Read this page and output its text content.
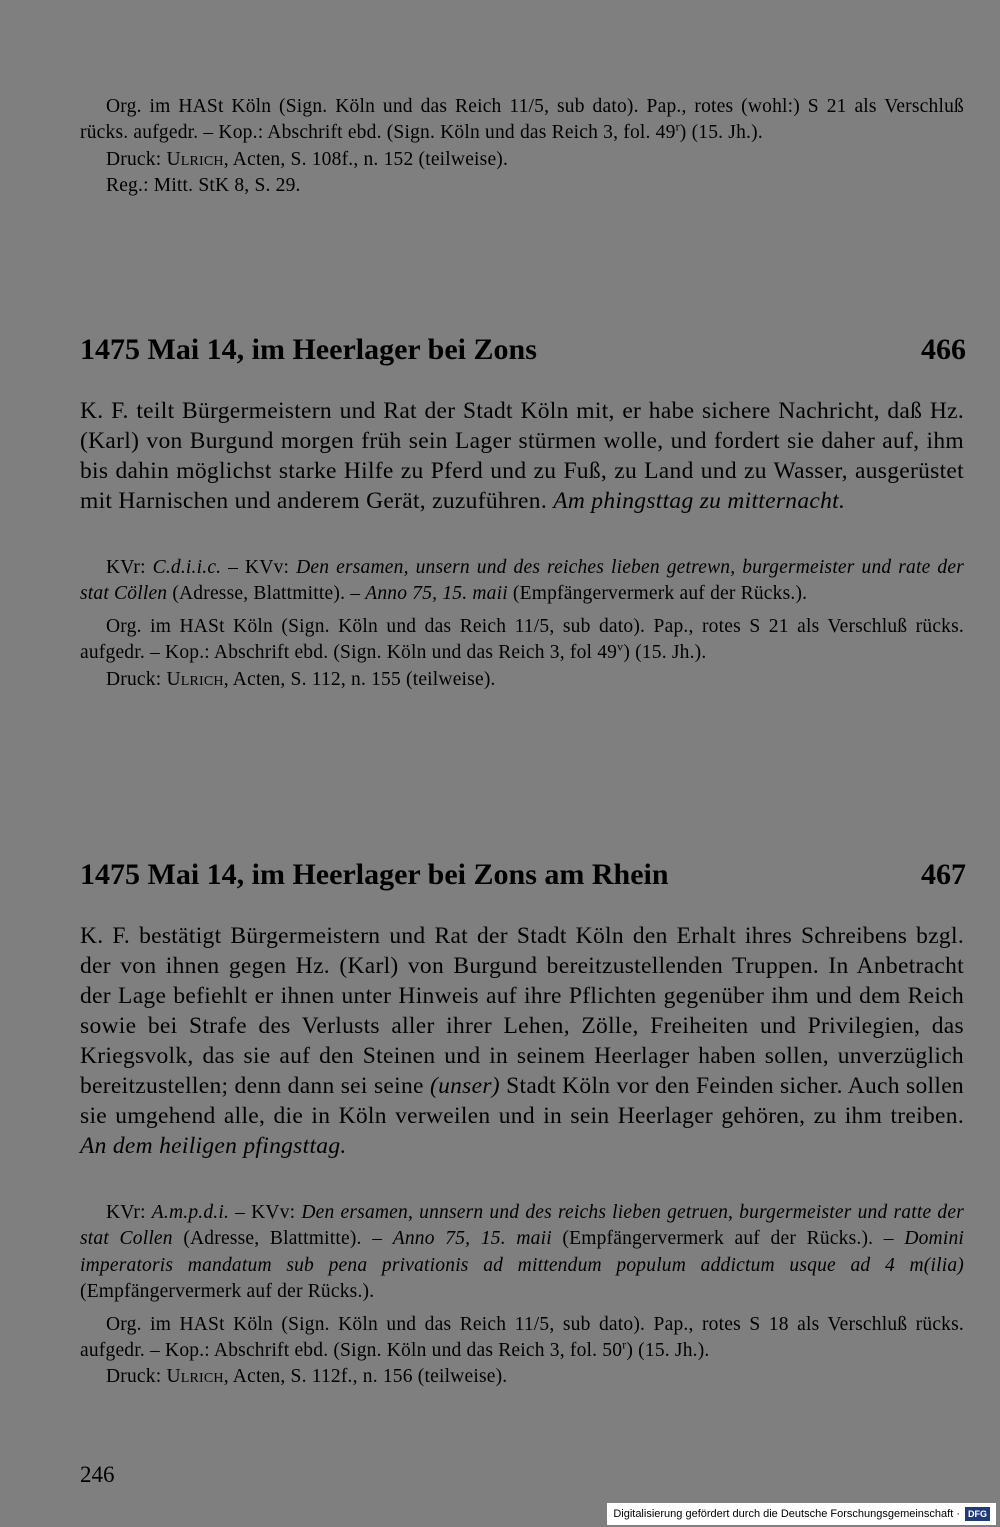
Org. im HASt Köln (Sign. Köln und das Reich 11/5, sub dato). Pap., rotes (wohl:) S 21 als Verschluß rücks. aufgedr. – Kop.: Abschrift ebd. (Sign. Köln und das Reich 3, fol. 49$^r$) (15. Jh.).
Druck: Ulrich, Acten, S. 108f., n. 152 (teilweise).
Reg.: Mitt. StK 8, S. 29.
1475 Mai 14, im Heerlager bei Zons	466
K. F. teilt Bürgermeistern und Rat der Stadt Köln mit, er habe sichere Nachricht, daß Hz. (Karl) von Burgund morgen früh sein Lager stürmen wolle, und fordert sie daher auf, ihm bis dahin möglichst starke Hilfe zu Pferd und zu Fuß, zu Land und zu Wasser, ausgerüstet mit Harnischen und anderem Gerät, zuzuführen. Am phingsttag zu mitternacht.
KVr: C.d.i.i.c. – KVv: Den ersamen, unsern und des reiches lieben getrewn, burgermeister und rate der stat Cöllen (Adresse, Blattmitte). – Anno 75, 15. maii (Empfängervermerk auf der Rücks.).
Org. im HASt Köln (Sign. Köln und das Reich 11/5, sub dato). Pap., rotes S 21 als Verschluß rücks. aufgedr. – Kop.: Abschrift ebd. (Sign. Köln und das Reich 3, fol 49$^v$) (15. Jh.).
Druck: Ulrich, Acten, S. 112, n. 155 (teilweise).
1475 Mai 14, im Heerlager bei Zons am Rhein	467
K. F. bestätigt Bürgermeistern und Rat der Stadt Köln den Erhalt ihres Schreibens bzgl. der von ihnen gegen Hz. (Karl) von Burgund bereitzustellenden Truppen. In Anbetracht der Lage befiehlt er ihnen unter Hinweis auf ihre Pflichten gegenüber ihm und dem Reich sowie bei Strafe des Verlusts aller ihrer Lehen, Zölle, Freiheiten und Privilegien, das Kriegsvolk, das sie auf den Steinen und in seinem Heerlager haben sollen, unverzüglich bereitzustellen; denn dann sei seine (unser) Stadt Köln vor den Feinden sicher. Auch sollen sie umgehend alle, die in Köln verweilen und in sein Heerlager gehören, zu ihm treiben. An dem heiligen pfingsttag.
KVr: A.m.p.d.i. – KVv: Den ersamen, unnsern und des reichs lieben getruen, burgermeister und ratte der stat Collen (Adresse, Blattmitte). – Anno 75, 15. maii (Empfängervermerk auf der Rücks.). – Domini imperatoris mandatum sub pena privationis ad mittendum populum addictum usque ad 4 m(ilia) (Empfängervermerk auf der Rücks.).
Org. im HASt Köln (Sign. Köln und das Reich 11/5, sub dato). Pap., rotes S 18 als Verschluß rücks. aufgedr. – Kop.: Abschrift ebd. (Sign. Köln und das Reich 3, fol. 50$^r$) (15. Jh.).
Druck: Ulrich, Acten, S. 112f., n. 156 (teilweise).
246
Digitalisierung gefördert durch die Deutsche Forschungsgemeinschaft · DFG
